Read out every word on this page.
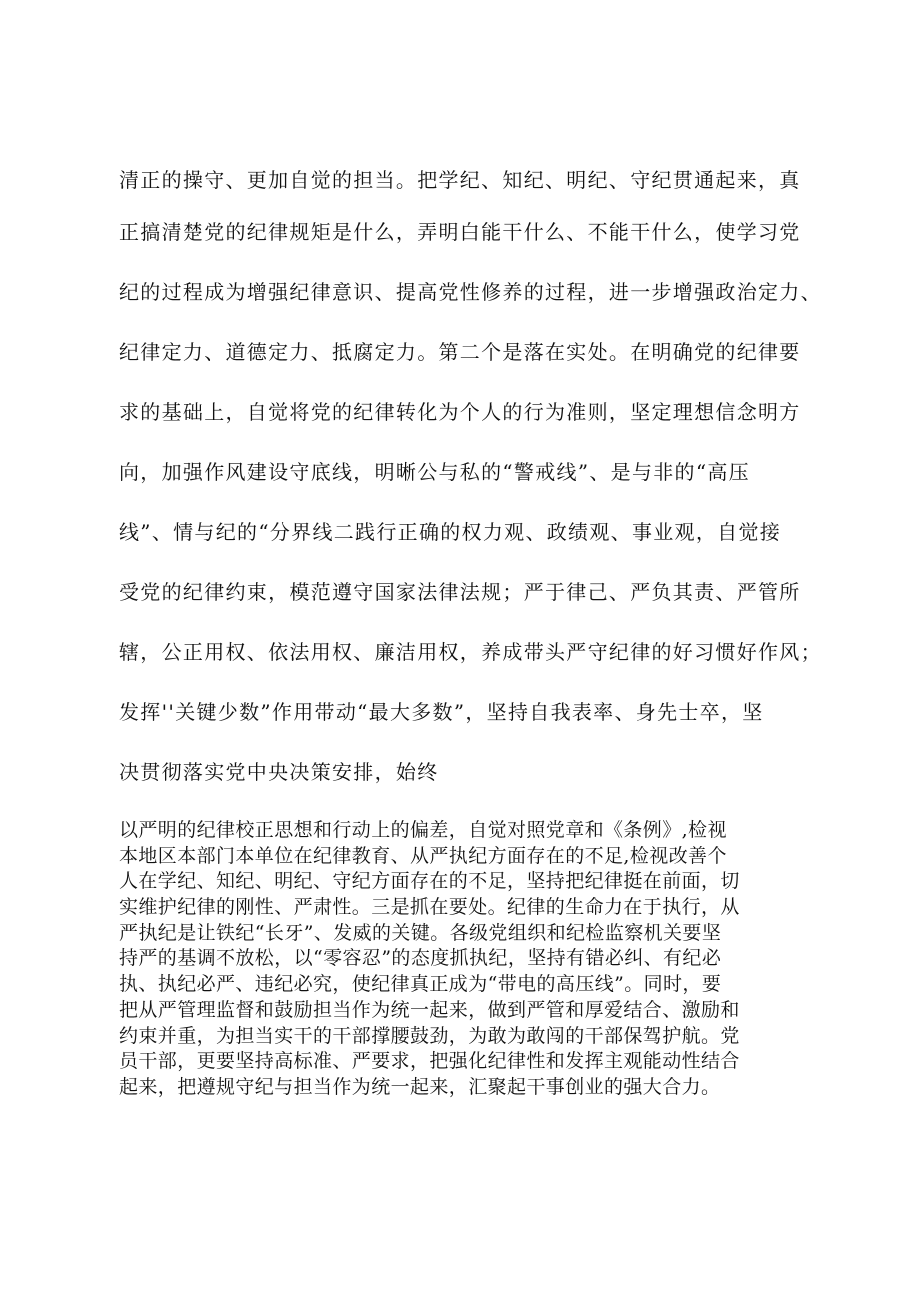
清正的操守、更加自觉的担当。把学纪、知纪、明纪、守纪贯通起来，真
正搞清楚党的纪律规矩是什么，弄明白能干什么、不能干什么，使学习党
纪的过程成为增强纪律意识、提高党性修养的过程，进一步增强政治定力、
纪律定力、道德定力、抵腐定力。第二个是落在实处。在明确党的纪律要
求的基础上，自觉将党的纪律转化为个人的行为准则，坚定理想信念明方
向，加强作风建设守底线，明晰公与私的“警戒线”、是与非的“高压
线”、情与纪的“分界线二践行正确的权力观、政绩观、事业观，自觉接
受党的纪律约束，模范遵守国家法律法规；严于律己、严负其责、严管所
辖，公正用权、依法用权、廉洁用权，养成带头严守纪律的好习惯好作风；
发挥''关键少数”作用带动“最大多数”，坚持自我表率、身先士卒，坚
决贯彻落实党中央决策安排，始终
以严明的纪律校正思想和行动上的偏差，自觉对照党章和《条例》,检视
本地区本部门本单位在纪律教育、从严执纪方面存在的不足,检视改善个
人在学纪、知纪、明纪、守纪方面存在的不足，坚持把纪律挺在前面，切
实维护纪律的刚性、严肃性。三是抓在要处。纪律的生命力在于执行，从
严执纪是让铁纪“长牙”、发威的关键。各级党组织和纪检监察机关要坚
持严的基调不放松，以“零容忍”的态度抓执纪，坚持有错必纠、有纪必
执、执纪必严、违纪必究，使纪律真正成为“带电的高压线”。同时，要
把从严管理监督和鼓励担当作为统一起来，做到严管和厚爱结合、激励和
约束并重，为担当实干的干部撑腰鼓劲，为敢为敢闯的干部保驾护航。党
员干部，更要坚持高标准、严要求，把强化纪律性和发挥主观能动性结合
起来，把遵规守纪与担当作为统一起来，汇聚起干事创业的强大合力。
